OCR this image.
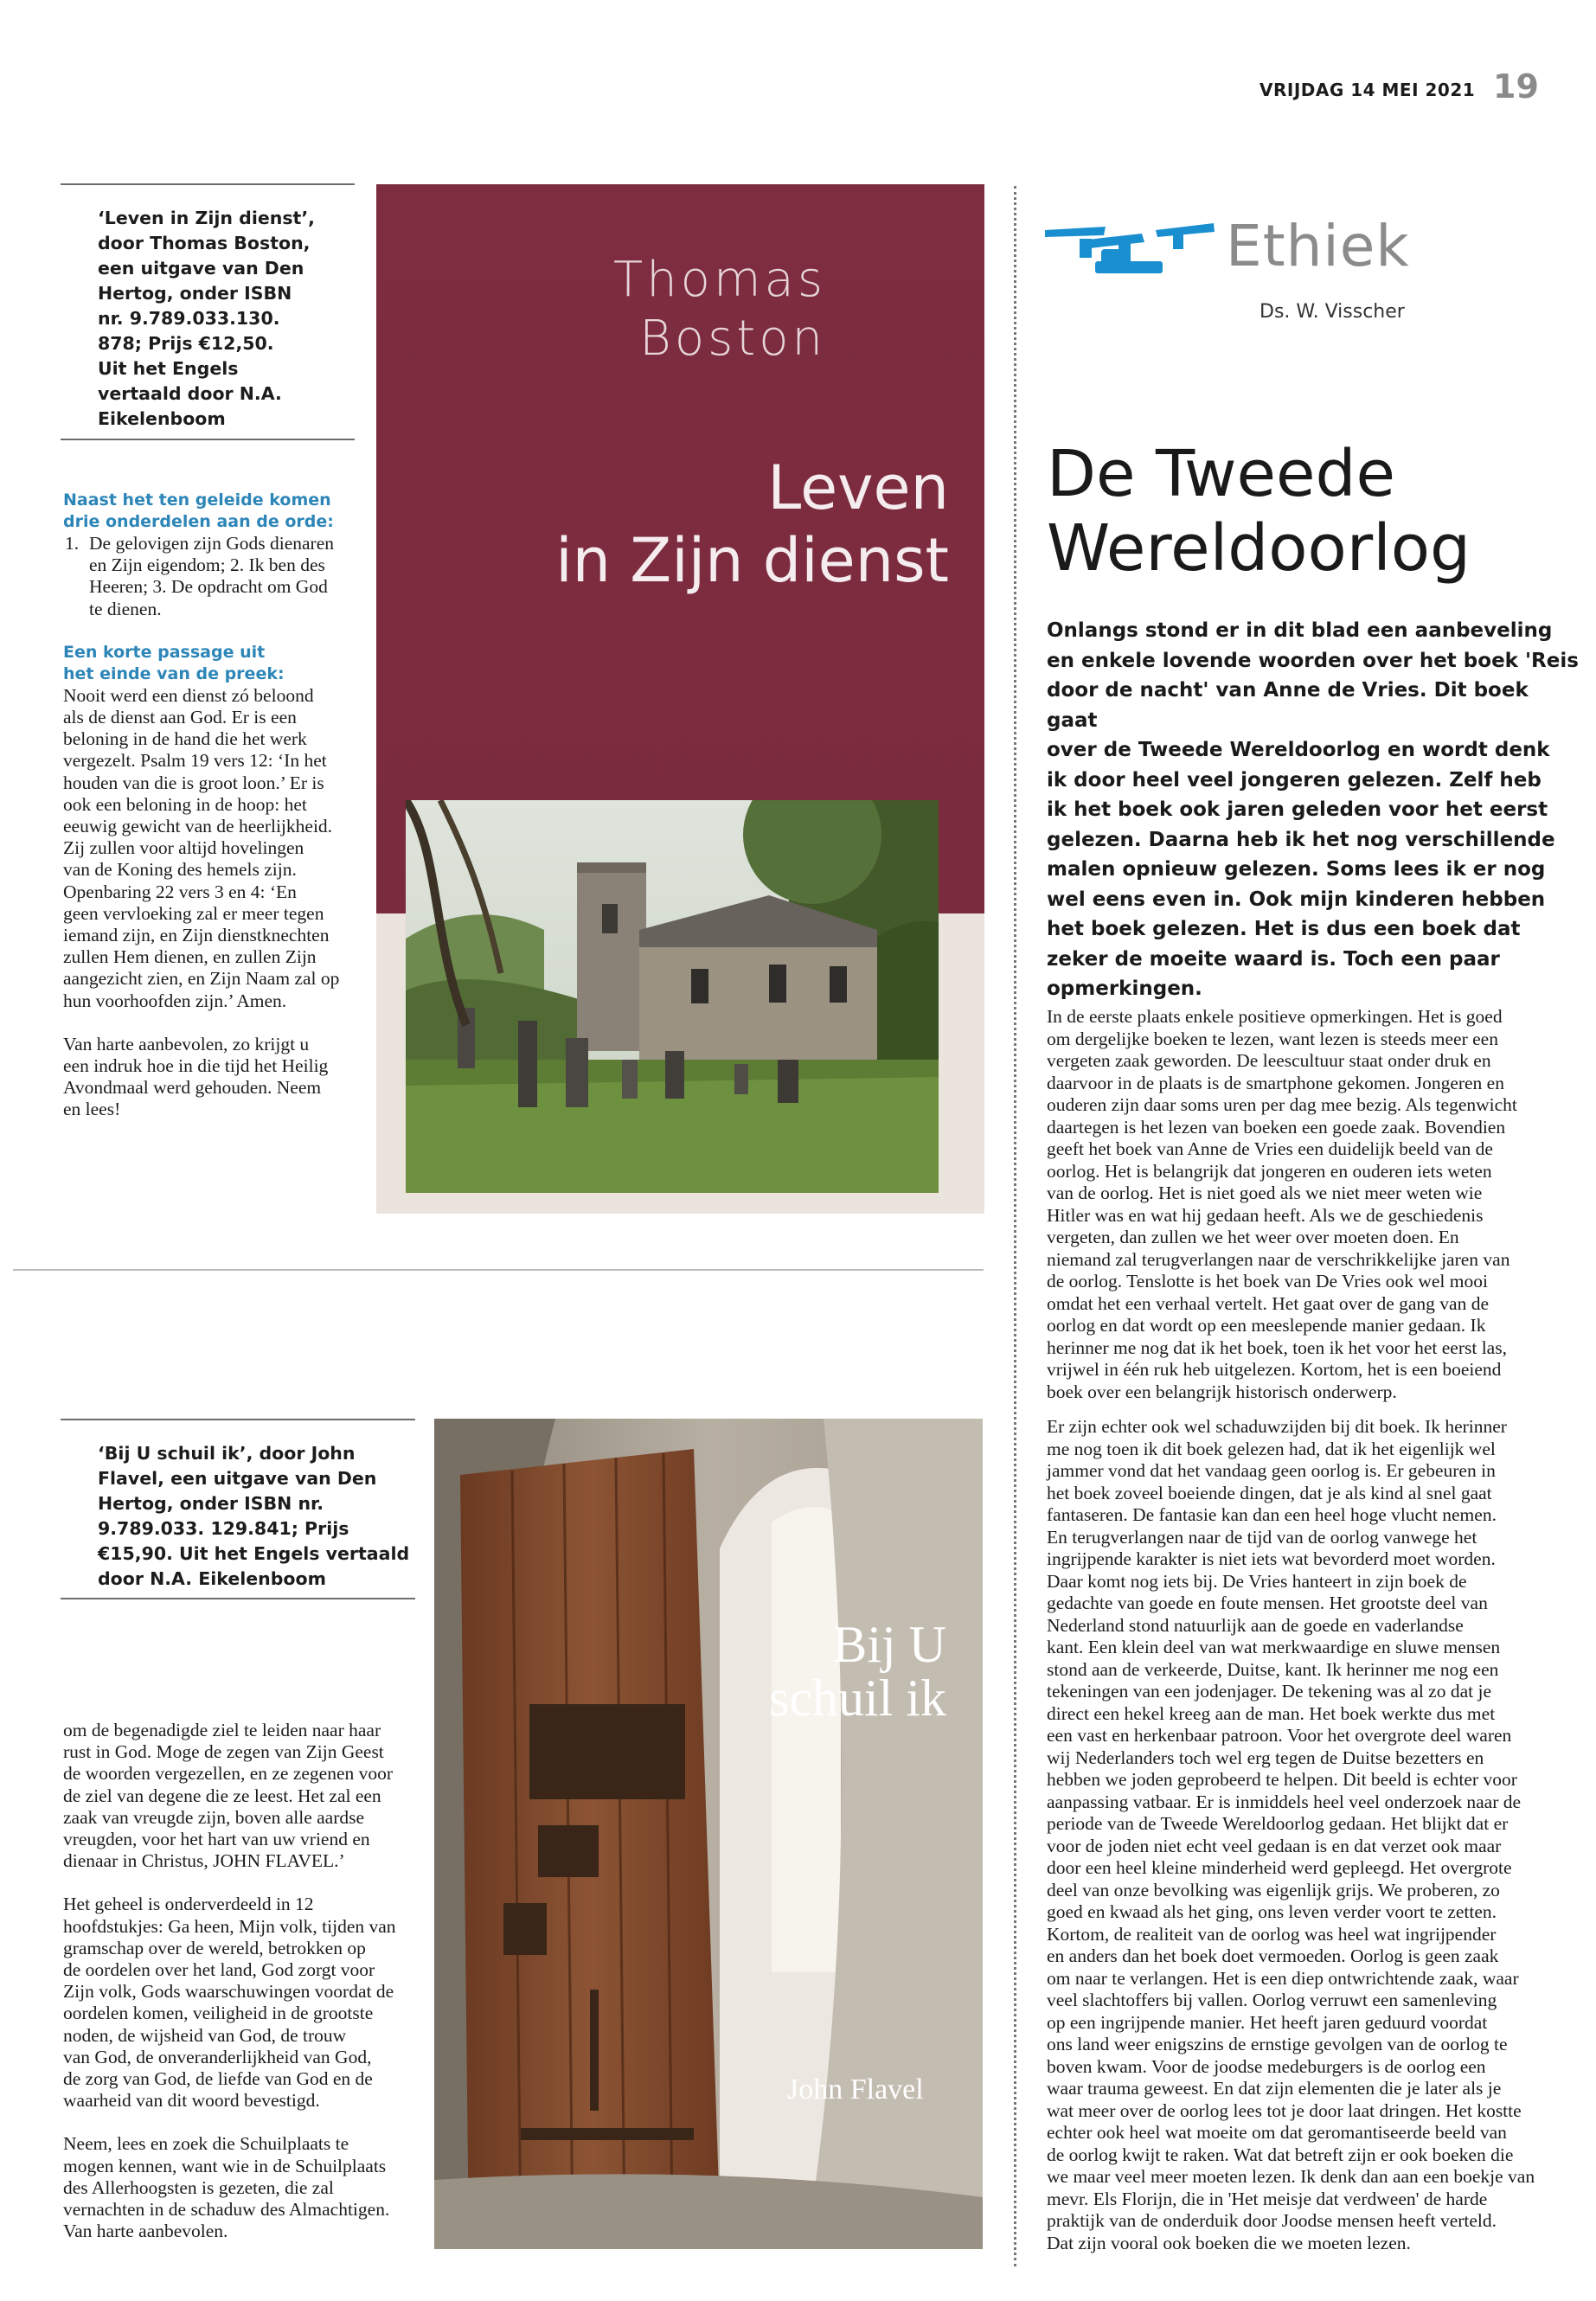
VRIJDAG 14 MEI 2021 19
‘Leven in Zijn dienst’,
door Thomas Boston,
een uitgave van Den
Hertog, onder ISBN
nr. 9.789.033.130.
878; Prijs €12,50.
Uit het Engels
vertaald door N.A.
Eikelenboom
Naast het ten geleide komen
drie onderdelen aan de orde:
1. De gelovigen zijn Gods dienaren
en Zijn eigendom; 2. Ik ben des
Heeren; 3. De opdracht om God
te dienen.
Een korte passage uit
het einde van de preek:
Nooit werd een dienst zó beloond
als de dienst aan God. Er is een
beloning in de hand die het werk
vergezelt. Psalm 19 vers 12: ‘In het
houden van die is groot loon.’ Er is
ook een beloning in de hoop: het
eeuwig gewicht van de heerlijkheid.
Zij zullen voor altijd hovelingen
van de Koning des hemels zijn.
Openbaring 22 vers 3 en 4: ‘En
geen vervloeking zal er meer tegen
iemand zijn, en Zijn dienstknechten
zullen Hem dienen, en zullen Zijn
aangezicht zien, en Zijn Naam zal op
hun voorhoofden zijn.’ Amen.
Van harte aanbevolen, zo krijgt u
een indruk hoe in die tijd het Heilig
Avondmaal werd gehouden. Neem
en lees!
Thomas
Boston
Leven
in Zijn dienst
‘Bij U schuil ik’, door John
Flavel, een uitgave van Den
Hertog, onder ISBN nr.
9.789.033. 129.841; Prijs
€15,90. Uit het Engels vertaald
door N.A. Eikelenboom
om de begenadigde ziel te leiden naar haar
rust in God. Moge de zegen van Zijn Geest
de woorden vergezellen, en ze zegenen voor
de ziel van degene die ze leest. Het zal een
zaak van vreugde zijn, boven alle aardse
vreugden, voor het hart van uw vriend en
dienaar in Christus, JOHN FLAVEL.’
Het geheel is onderverdeeld in 12
hoofdstukjes: Ga heen, Mijn volk, tijden van
gramschap over de wereld, betrokken op
de oordelen over het land, God zorgt voor
Zijn volk, Gods waarschuwingen voordat de
oordelen komen, veiligheid in de grootste
noden, de wijsheid van God, de trouw
van God, de onveranderlijkheid van God,
de zorg van God, de liefde van God en de
waarheid van dit woord bevestigd.
Neem, lees en zoek die Schuilplaats te
mogen kennen, want wie in de Schuilplaats
des Allerhoogsten is gezeten, die zal
vernachten in de schaduw des Almachtigen.
Van harte aanbevolen.
Bij U
schuil ik
John Flavel
Ethiek
Ds. W. Visscher
De Tweede
Wereldoorlog
Onlangs stond er in dit blad een aanbeveling
en enkele lovende woorden over het boek 'Reis
door de nacht' van Anne de Vries. Dit boek gaat
over de Tweede Wereldoorlog en wordt denk
ik door heel veel jongeren gelezen. Zelf heb
ik het boek ook jaren geleden voor het eerst
gelezen. Daarna heb ik het nog verschillende
malen opnieuw gelezen. Soms lees ik er nog
wel eens even in. Ook mijn kinderen hebben
het boek gelezen. Het is dus een boek dat
zeker de moeite waard is. Toch een paar
opmerkingen.
In de eerste plaats enkele positieve opmerkingen. Het is goed
om dergelijke boeken te lezen, want lezen is steeds meer een
vergeten zaak geworden. De leescultuur staat onder druk en
daarvoor in de plaats is de smartphone gekomen. Jongeren en
ouderen zijn daar soms uren per dag mee bezig. Als tegenwicht
daartegen is het lezen van boeken een goede zaak. Bovendien
geeft het boek van Anne de Vries een duidelijk beeld van de
oorlog. Het is belangrijk dat jongeren en ouderen iets weten
van de oorlog. Het is niet goed als we niet meer weten wie
Hitler was en wat hij gedaan heeft. Als we de geschiedenis
vergeten, dan zullen we het weer over moeten doen. En
niemand zal terugverlangen naar de verschrikkelijke jaren van
de oorlog. Tenslotte is het boek van De Vries ook wel mooi
omdat het een verhaal vertelt. Het gaat over de gang van de
oorlog en dat wordt op een meeslepende manier gedaan. Ik
herinner me nog dat ik het boek, toen ik het voor het eerst las,
vrijwel in één ruk heb uitgelezen. Kortom, het is een boeiend
boek over een belangrijk historisch onderwerp.
Er zijn echter ook wel schaduwzijden bij dit boek. Ik herinner
me nog toen ik dit boek gelezen had, dat ik het eigenlijk wel
jammer vond dat het vandaag geen oorlog is. Er gebeuren in
het boek zoveel boeiende dingen, dat je als kind al snel gaat
fantaseren. De fantasie kan dan een heel hoge vlucht nemen.
En terugverlangen naar de tijd van de oorlog vanwege het
ingrijpende karakter is niet iets wat bevorderd moet worden.
Daar komt nog iets bij. De Vries hanteert in zijn boek de
gedachte van goede en foute mensen. Het grootste deel van
Nederland stond natuurlijk aan de goede en vaderlandse
kant. Een klein deel van wat merkwaardige en sluwe mensen
stond aan de verkeerde, Duitse, kant. Ik herinner me nog een
tekeningen van een jodenjager. De tekening was al zo dat je
direct een hekel kreeg aan de man. Het boek werkte dus met
een vast en herkenbaar patroon. Voor het overgrote deel waren
wij Nederlanders toch wel erg tegen de Duitse bezetters en
hebben we joden geprobeerd te helpen. Dit beeld is echter voor
aanpassing vatbaar. Er is inmiddels heel veel onderzoek naar de
periode van de Tweede Wereldoorlog gedaan. Het blijkt dat er
voor de joden niet echt veel gedaan is en dat verzet ook maar
door een heel kleine minderheid werd gepleegd. Het overgrote
deel van onze bevolking was eigenlijk grijs. We proberen, zo
goed en kwaad als het ging, ons leven verder voort te zetten.
Kortom, de realiteit van de oorlog was heel wat ingrijpender
en anders dan het boek doet vermoeden. Oorlog is geen zaak
om naar te verlangen. Het is een diep ontwrichtende zaak, waar
veel slachtoffers bij vallen. Oorlog verruwt een samenleving
op een ingrijpende manier. Het heeft jaren geduurd voordat
ons land weer enigszins de ernstige gevolgen van de oorlog te
boven kwam. Voor de joodse medeburgers is de oorlog een
waar trauma geweest. En dat zijn elementen die je later als je
wat meer over de oorlog lees tot je door laat dringen. Het kostte
echter ook heel wat moeite om dat geromantiseerde beeld van
de oorlog kwijt te raken. Wat dat betreft zijn er ook boeken die
we maar veel meer moeten lezen. Ik denk dan aan een boekje van
mevr. Els Florijn, die in 'Het meisje dat verdween' de harde
praktijk van de onderduik door Joodse mensen heeft verteld.
Dat zijn vooral ook boeken die we moeten lezen.
